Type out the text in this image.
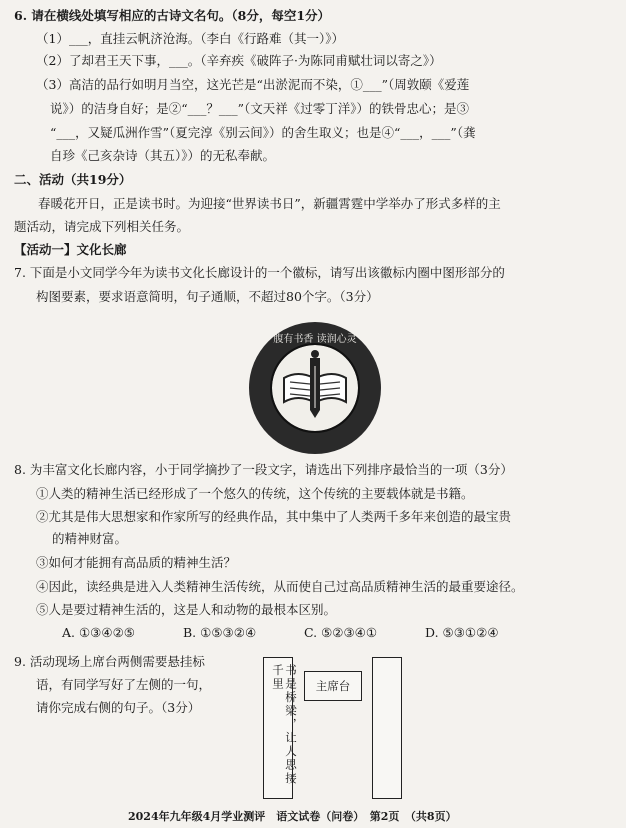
6. 请在横线处填写相应的古诗文名句。（8分，每空1分）
（1）___，直挂云帆济沧海。（李白《行路难（其一）》）
（2）了却君王天下事，___。（辛弃疾《破阵子·为陈同甫赋壮词以寄之》）
（3）高洁的品行如明月当空，这光芒是“出淤泥而不染，①___”（周敦颐《爱莲
说》）的洁身自好；是②“___？___”（文天祥《过零丁洋》）的铁骨忠心；是③
“___，又疑瓜洲作雪”（夏完淳《别云间》）的舍生取义；也是④“___，___”（龚
自珍《己亥杂诗（其五）》）的无私奉献。
二、活动（共19分）
春暖花开日，正是读书时。为迎接“世界读书日”，新疆霄霆中学举办了形式多样的主
题活动，请完成下列相关任务。
【活动一】文化长廊
7. 下面是小文同学今年为读书文化长廊设计的一个徽标，请写出该徽标内圈中图形部分的
构图要素，要求语意简明，句子通顺，不超过80个字。（3分）
腹有书香 读润心灵
8. 为丰富文化长廊内容，小于同学摘抄了一段文字，请选出下列排序最恰当的一项（3分）
①人类的精神生活已经形成了一个悠久的传统，这个传统的主要载体就是书籍。
②尤其是伟大思想家和作家所写的经典作品，其中集中了人类两千多年来创造的最宝贵
的精神财富。
③如何才能拥有高品质的精神生活？
④因此，读经典是进入人类精神生活传统，从而使自己过高品质精神生活的最重要途径。
⑤人是要过精神生活的，这是人和动物的最根本区别。
A. ①③④②⑤	B. ①⑤③②④	C. ⑤②③④①	D. ⑤③①②④
9. 活动现场上席台两侧需要悬挂标
语，有同学写好了左侧的一句，
请你完成右侧的句子。（3分）	书是桥梁，让人思接千里	主席台
2024年九年级4月学业测评　语文试卷（问卷）　第2页　（共8页）
